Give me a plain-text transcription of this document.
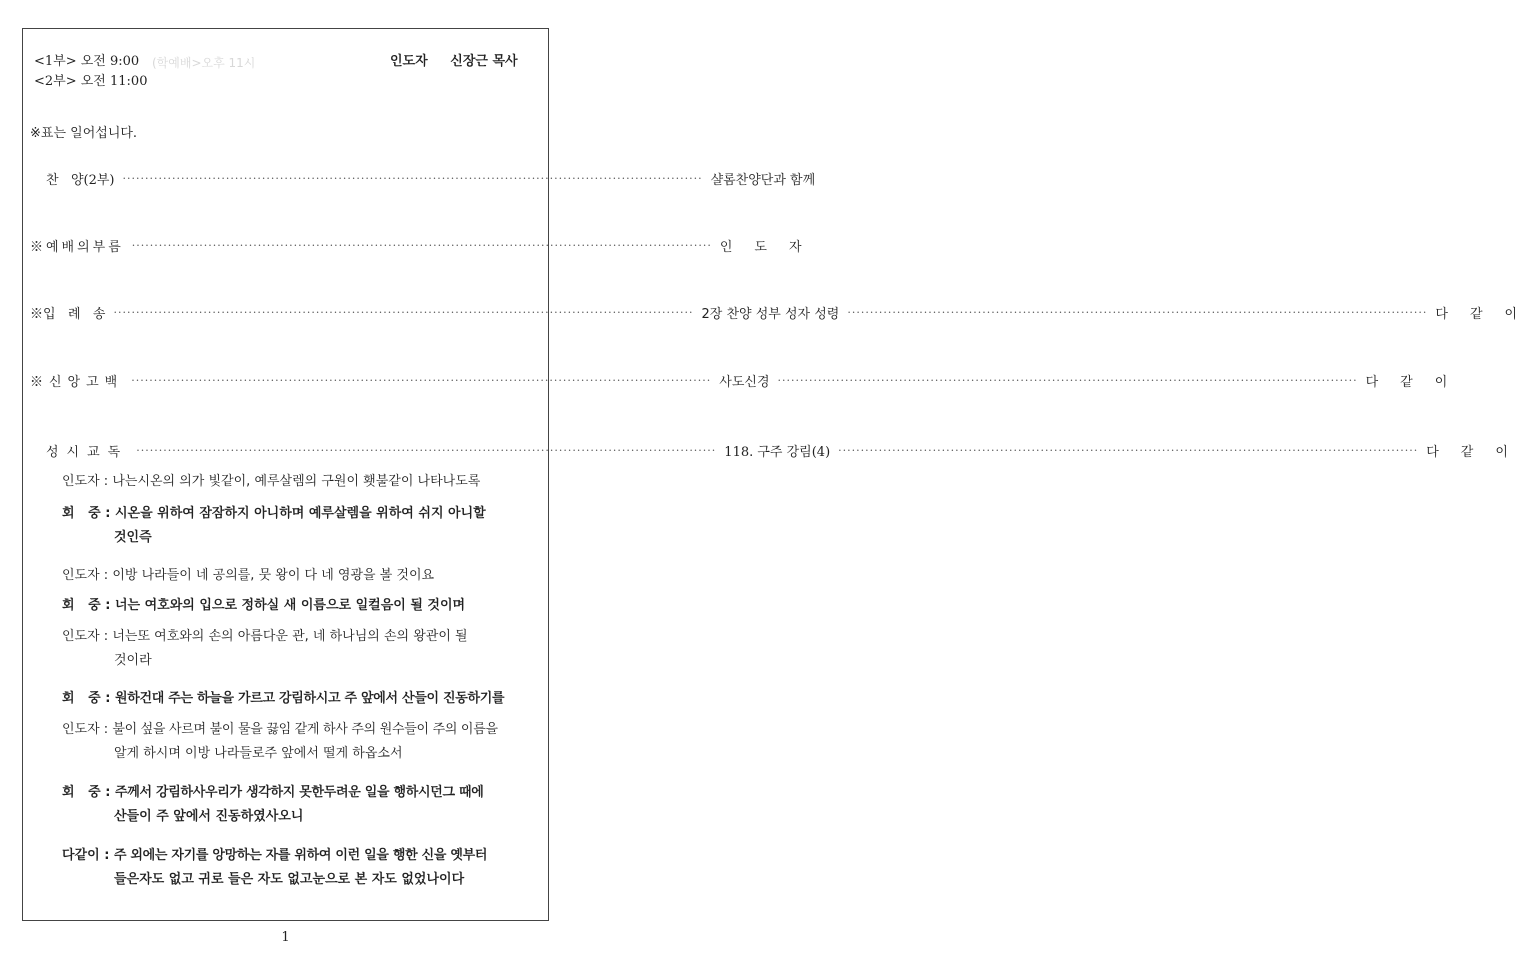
<1부> 오전 9:00 (학예배>오후 11시
<2부> 오전 11:00
인도자     신장근 목사
※표는 일어섭니다.
찬   양(2부) ·····	샬롬찬양단과 함께
※예배의부름 ·····	인도자
※입   례   송 ·····	2장 찬양 성부 성자 성령 ·····	다같이
※신앙고백 ·····	사도신경 ·····	다같이
성시교독 ·····	118. 구주 강림(4) ·····	다같이
인도자 : 나는시온의 의가 빛같이, 예루살렘의 구원이 횃불같이 나타나도록
회   중 : 시온을 위하여 잠잠하지 아니하며 예루살렘을 위하여 쉬지 아니할
것인즉
인도자 : 이방 나라들이 네 공의를, 뭇 왕이 다 네 영광을 볼 것이요
회   중 : 너는 여호와의 입으로 정하실 새 이름으로 일컬음이 될 것이며
인도자 : 너는또 여호와의 손의 아름다운 관, 네 하나님의 손의 왕관이 될
것이라
회   중 : 원하건대 주는 하늘을 가르고 강림하시고 주 앞에서 산들이 진동하기를
인도자 : 불이 섶을 사르며 불이 물을 끓임 같게 하사 주의 원수들이 주의 이름을
알게 하시며 이방 나라들로주 앞에서 떨게 하옵소서
회   중 : 주께서 강림하사우리가 생각하지 못한두려운 일을 행하시던그 때에
산들이 주 앞에서 진동하였사오니
다같이 : 주 외에는 자기를 앙망하는 자를 위하여 이런 일을 행한 신을 옛부터
들은자도 없고 귀로 들은 자도 없고눈으로 본 자도 없었나이다
1
